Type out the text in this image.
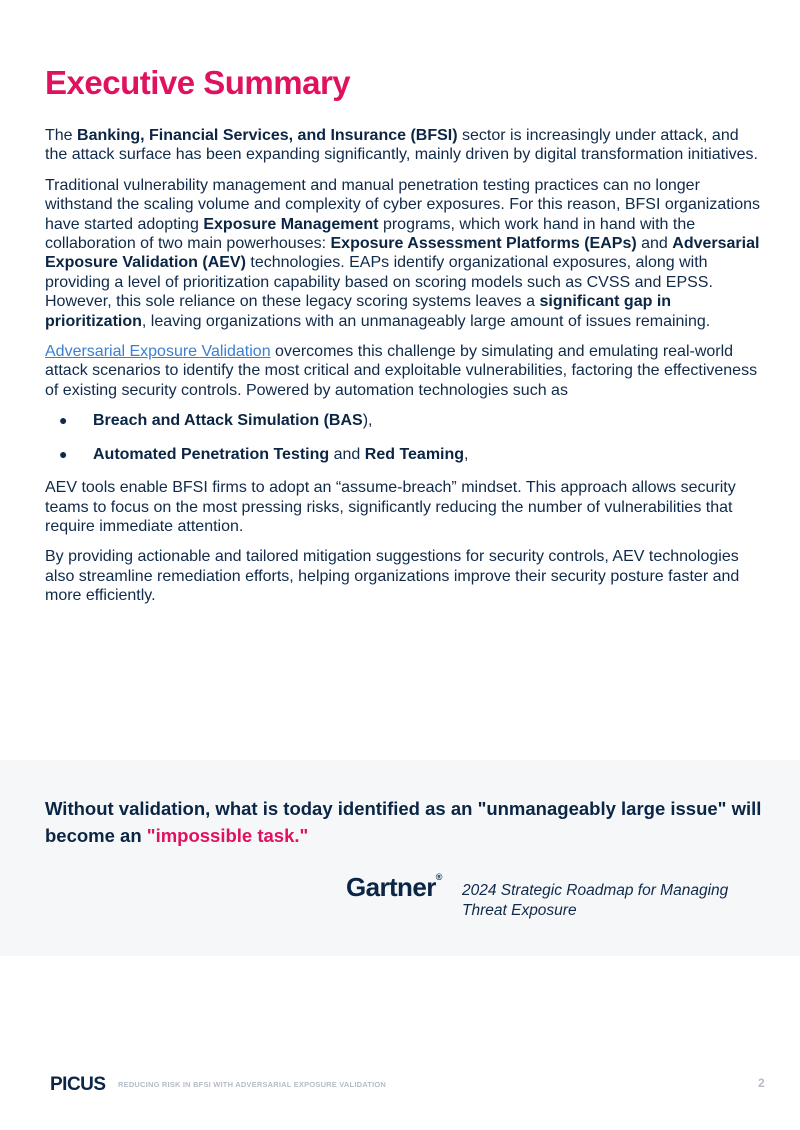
Executive Summary

The Banking, Financial Services, and Insurance (BFSI) sector is increasingly under attack, and the attack surface has been expanding significantly, mainly driven by digital transformation initiatives.

Traditional vulnerability management and manual penetration testing practices can no longer withstand the scaling volume and complexity of cyber exposures. For this reason, BFSI organizations have started adopting Exposure Management programs, which work hand in hand with the collaboration of two main powerhouses: Exposure Assessment Platforms (EAPs) and Adversarial Exposure Validation (AEV) technologies. EAPs identify organizational exposures, along with providing a level of prioritization capability based on scoring models such as CVSS and EPSS. However, this sole reliance on these legacy scoring systems leaves a significant gap in prioritization, leaving organizations with an unmanageably large amount of issues remaining.

Adversarial Exposure Validation overcomes this challenge by simulating and emulating real-world attack scenarios to identify the most critical and exploitable vulnerabilities, factoring the effectiveness of existing security controls. Powered by automation technologies such as

● Breach and Attack Simulation (BAS),
● Automated Penetration Testing and Red Teaming,

AEV tools enable BFSI firms to adopt an “assume-breach” mindset. This approach allows security teams to focus on the most pressing risks, significantly reducing the number of vulnerabilities that require immediate attention.

By providing actionable and tailored mitigation suggestions for security controls, AEV technologies also streamline remediation efforts, helping organizations improve their security posture faster and more efficiently.

Without validation, what is today identified as an "unmanageably large issue" will become an "impossible task."
Gartner®
2024 Strategic Roadmap for Managing Threat Exposure
PICUS REDUCING RISK IN BFSI WITH ADVERSARIAL EXPOSURE VALIDATION	2
